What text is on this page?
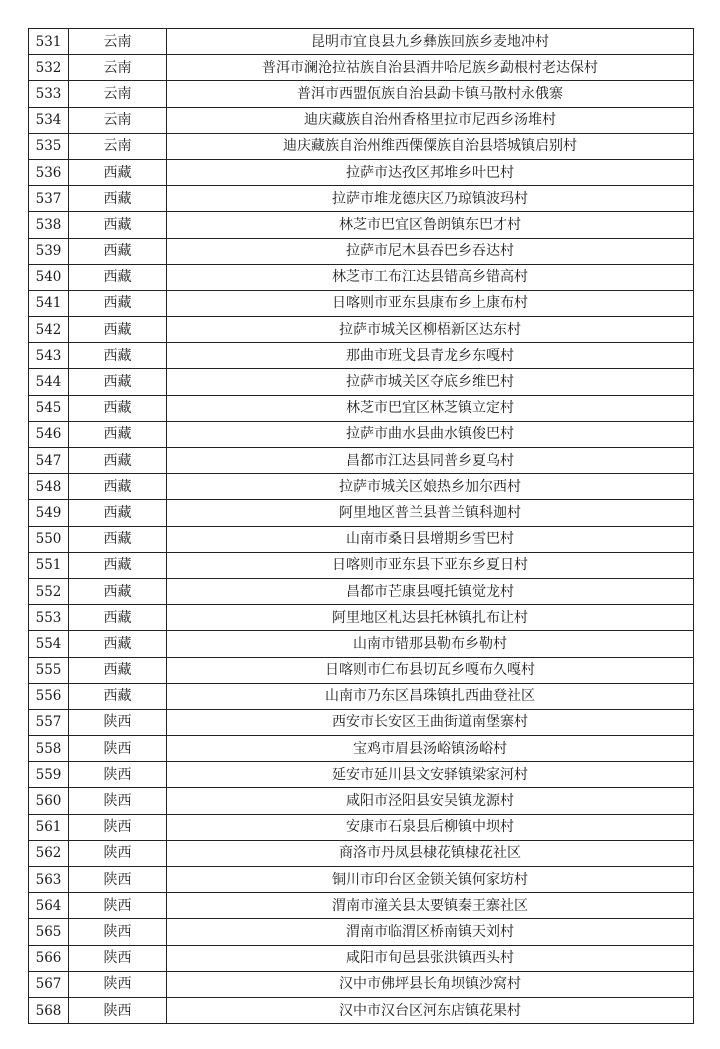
531	云南	昆明市宜良县九乡彝族回族乡麦地冲村
532	云南	普洱市澜沧拉祜族自治县酒井哈尼族乡勐根村老达保村
533	云南	普洱市西盟佤族自治县勐卡镇马散村永俄寨
534	云南	迪庆藏族自治州香格里拉市尼西乡汤堆村
535	云南	迪庆藏族自治州维西傈僳族自治县塔城镇启别村
536	西藏	拉萨市达孜区邦堆乡叶巴村
537	西藏	拉萨市堆龙德庆区乃琼镇波玛村
538	西藏	林芝市巴宜区鲁朗镇东巴才村
539	西藏	拉萨市尼木县吞巴乡吞达村
540	西藏	林芝市工布江达县错高乡错高村
541	西藏	日喀则市亚东县康布乡上康布村
542	西藏	拉萨市城关区柳梧新区达东村
543	西藏	那曲市班戈县青龙乡东嘎村
544	西藏	拉萨市城关区夺底乡维巴村
545	西藏	林芝市巴宜区林芝镇立定村
546	西藏	拉萨市曲水县曲水镇俊巴村
547	西藏	昌都市江达县同普乡夏乌村
548	西藏	拉萨市城关区娘热乡加尔西村
549	西藏	阿里地区普兰县普兰镇科迦村
550	西藏	山南市桑日县增期乡雪巴村
551	西藏	日喀则市亚东县下亚东乡夏日村
552	西藏	昌都市芒康县嘎托镇觉龙村
553	西藏	阿里地区札达县托林镇扎布让村
554	西藏	山南市错那县勒布乡勒村
555	西藏	日喀则市仁布县切瓦乡嘎布久嘎村
556	西藏	山南市乃东区昌珠镇扎西曲登社区
557	陕西	西安市长安区王曲街道南堡寨村
558	陕西	宝鸡市眉县汤峪镇汤峪村
559	陕西	延安市延川县文安驿镇梁家河村
560	陕西	咸阳市泾阳县安吴镇龙源村
561	陕西	安康市石泉县后柳镇中坝村
562	陕西	商洛市丹凤县棣花镇棣花社区
563	陕西	铜川市印台区金锁关镇何家坊村
564	陕西	渭南市潼关县太要镇秦王寨社区
565	陕西	渭南市临渭区桥南镇天刘村
566	陕西	咸阳市旬邑县张洪镇西头村
567	陕西	汉中市佛坪县长角坝镇沙窝村
568	陕西	汉中市汉台区河东店镇花果村
